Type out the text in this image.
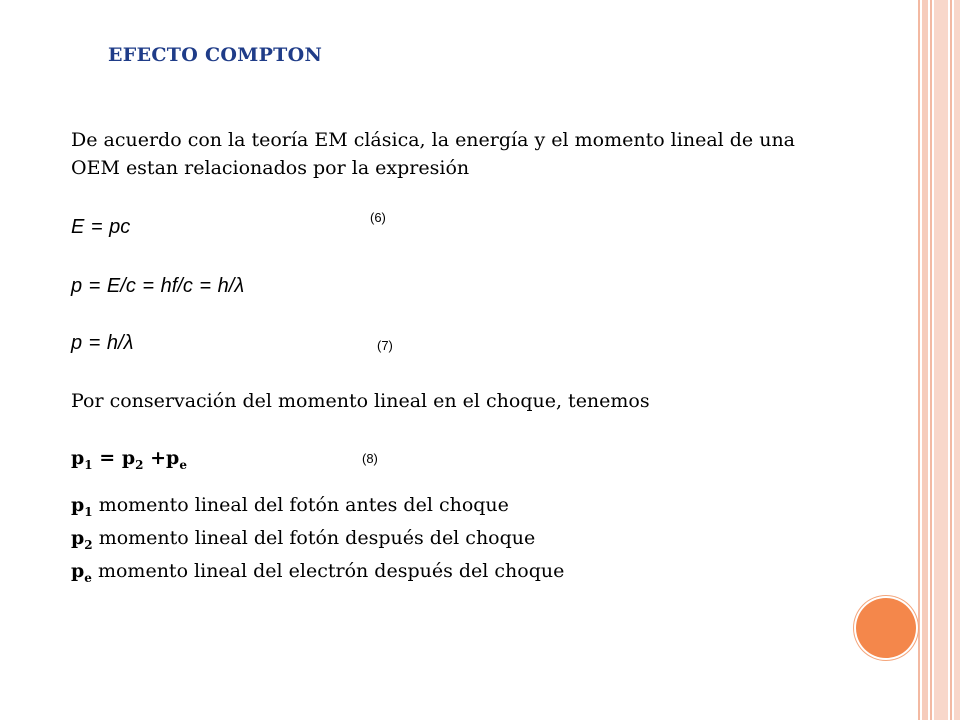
EFECTO COMPTON

De acuerdo con la teoría EM clásica, la energía y el momento lineal de una
OEM estan relacionados por la expresión

E = pc	(6)
p = E/c = hf/c = h/λ
p = h/λ	(7)

Por conservación del momento lineal en el choque, tenemos

$p_1 = p_2 +p_e$	(8)
$p_1$ momento lineal del fotón antes del choque
$p_2$ momento lineal del fotón después del choque
$p_e$ momento lineal del electrón después del choque
